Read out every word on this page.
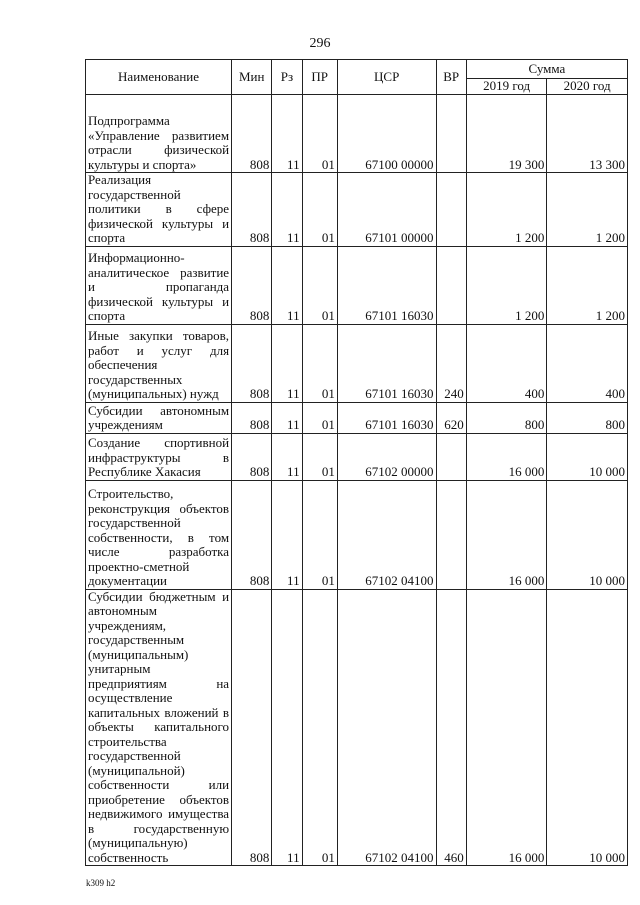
296
Наименование	Мин	Рз	ПР	ЦСР	ВР	Сумма	
						2019 год	2020 год
Подпрограмма «Управление развитием отрасли физической культуры и спорта»	808	11	01	67100 00000		19 300	13 300
Реализация государственной политики в сфере физической культуры и спорта	808	11	01	67101 00000		1 200	1 200
Информационно-аналитическое развитие и пропаганда физической культуры и спорта	808	11	01	67101 16030		1 200	1 200
Иные закупки товаров, работ и услуг для обеспечения государственных (муниципальных) нужд	808	11	01	67101 16030	240	400	400
Субсидии автономным учреждениям	808	11	01	67101 16030	620	800	800
Создание спортивной инфраструктуры в Республике Хакасия	808	11	01	67102 00000		16 000	10 000
Строительство, реконструкция объектов государственной собственности, в том числе разработка проектно-сметной документации	808	11	01	67102 04100		16 000	10 000
Субсидии бюджетным и автономным учреждениям, государственным (муниципальным) унитарным предприятиям на осуществление капитальных вложений в объекты капитального строительства государственной (муниципальной) собственности или приобретение объектов недвижимого имущества в государственную (муниципальную) собственность	808	11	01	67102 04100	460	16 000	10 000
k309 h2
